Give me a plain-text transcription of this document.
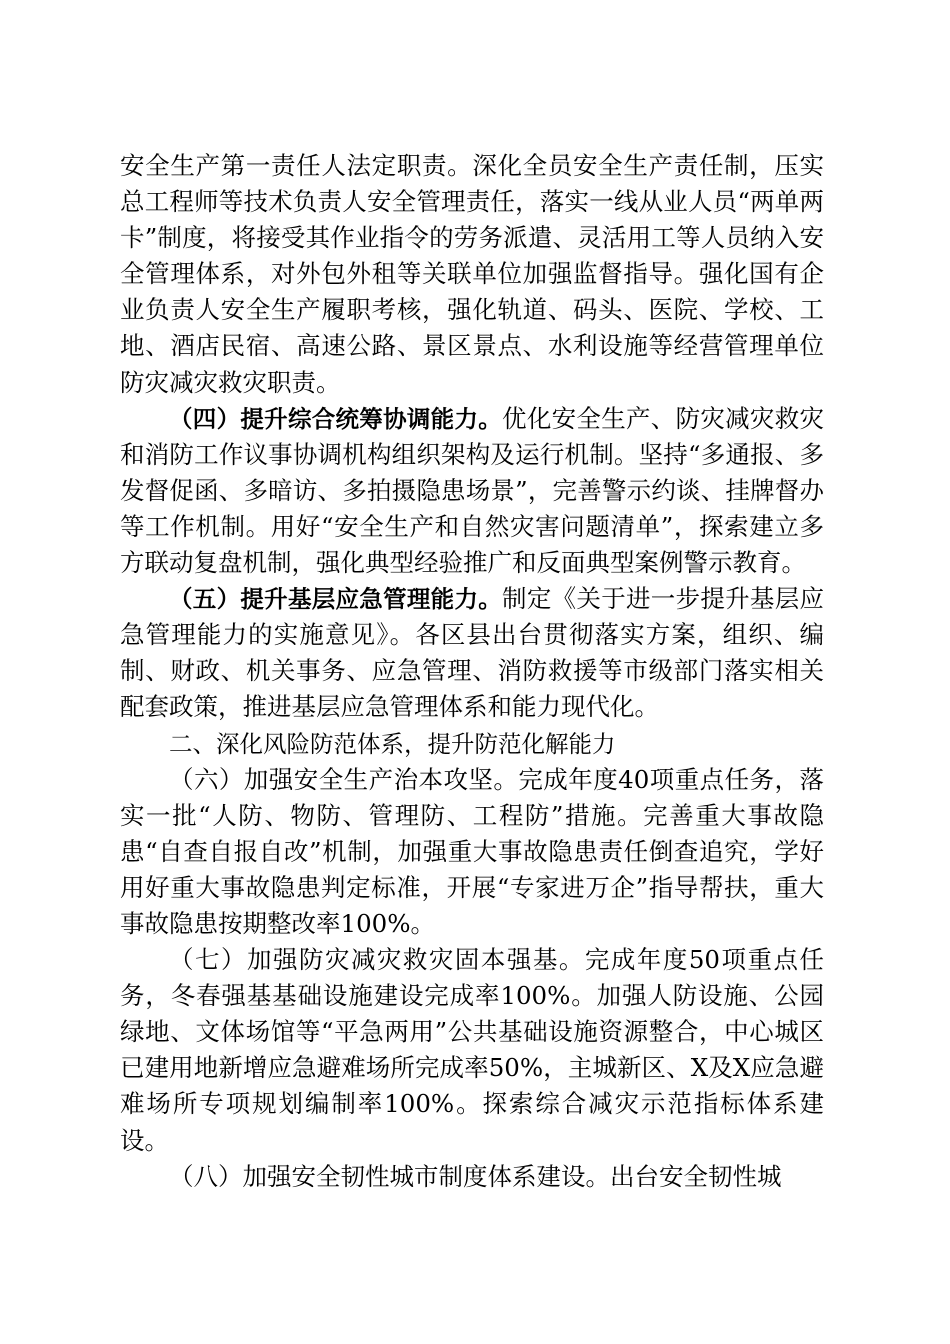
安全生产第一责任人法定职责。深化全员安全生产责任制，压实总工程师等技术负责人安全管理责任，落实一线从业人员“两单两卡”制度，将接受其作业指令的劳务派遣、灵活用工等人员纳入安全管理体系，对外包外租等关联单位加强监督指导。强化国有企业负责人安全生产履职考核，强化轨道、码头、医院、学校、工地、酒店民宿、高速公路、景区景点、水利设施等经营管理单位防灾减灾救灾职责。

（四）提升综合统筹协调能力。优化安全生产、防灾减灾救灾和消防工作议事协调机构组织架构及运行机制。坚持“多通报、多发督促函、多暗访、多拍摄隐患场景”，完善警示约谈、挂牌督办等工作机制。用好“安全生产和自然灾害问题清单”，探索建立多方联动复盘机制，强化典型经验推广和反面典型案例警示教育。

（五）提升基层应急管理能力。制定《关于进一步提升基层应急管理能力的实施意见》。各区县出台贯彻落实方案，组织、编制、财政、机关事务、应急管理、消防救援等市级部门落实相关配套政策，推进基层应急管理体系和能力现代化。

二、深化风险防范体系，提升防范化解能力

（六）加强安全生产治本攻坚。完成年度40项重点任务，落实一批“人防、物防、管理防、工程防”措施。完善重大事故隐患“自查自报自改”机制，加强重大事故隐患责任倒查追究，学好用好重大事故隐患判定标准，开展“专家进万企”指导帮扶，重大事故隐患按期整改率100%。

（七）加强防灾减灾救灾固本强基。完成年度50项重点任务，冬春强基基础设施建设完成率100%。加强人防设施、公园绿地、文体场馆等“平急两用”公共基础设施资源整合，中心城区已建用地新增应急避难场所完成率50%，主城新区、X及X应急避难场所专项规划编制率100%。探索综合减灾示范指标体系建设。

（八）加强安全韧性城市制度体系建设。出台安全韧性城
